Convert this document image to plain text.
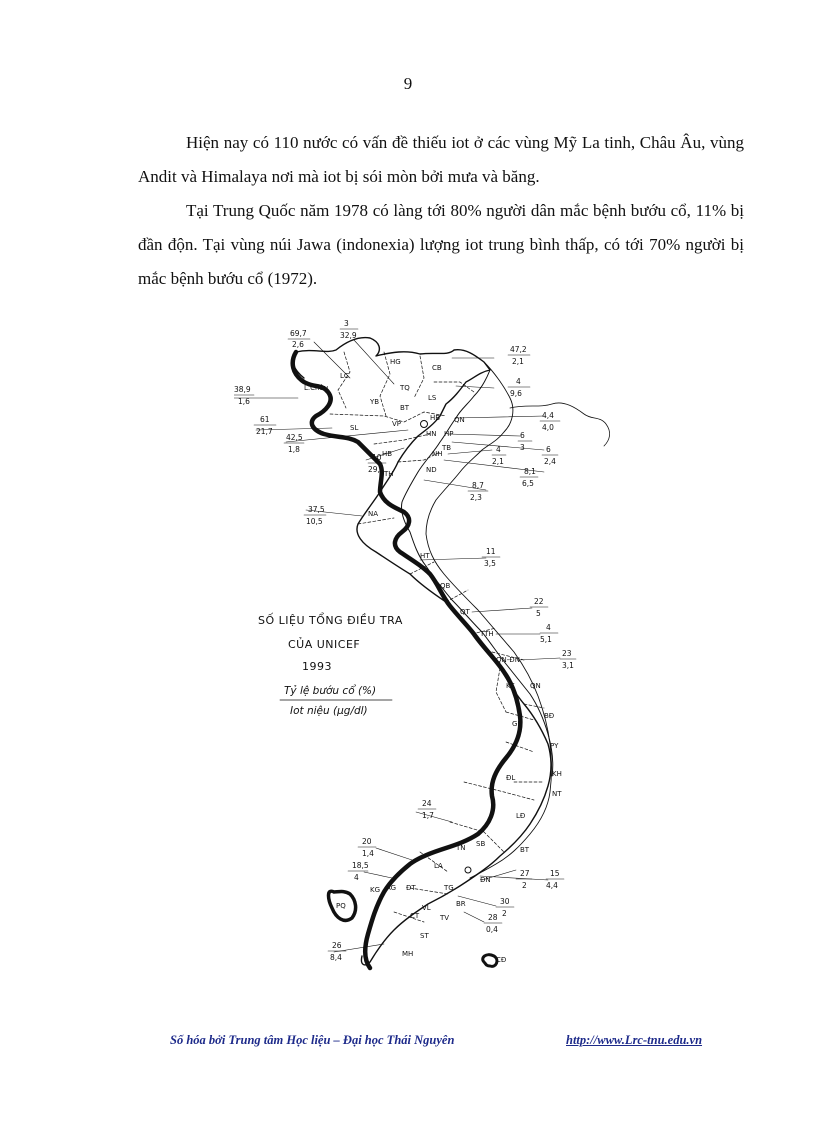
9

Hiện nay có 110 nước có vấn đề thiếu iot ở các vùng Mỹ La tinh, Châu Âu, vùng Andit và Himalaya nơi mà iot bị sói mòn bởi mưa và băng.

Tại Trung Quốc năm 1978 có làng tới 80% người dân mắc bệnh bướu cổ, 11% bị đần độn. Tại vùng núi Jawa (indonexia) lượng iot trung bình thấp, có tới 70% người bị mắc bệnh bướu cổ (1972).

69,7
2,6
3
32,9
47,2
2,1
4
9,6
38,9
1,6
4,4
4,0
61
21,7
42,5
1,8
6
3	6
2,4
10
29,1
4
2,1
8,1
6,5
8,7
2,3
37,5
10,5
11
3,5
22
5
4
5,1
23
3,1
24
1,7
20
1,4
18,5
4	15
4,4
27
2
30
2
28
0,4
26
8,4
LC
HG
CB
L.Châu
YB
TQ
BT
LS
SL	VP
HB QN
HN HP
TB
NH
ND
HB
TH
NA
HT
QB
QT
TTH
QN-ĐN
KT QN
GL
BĐ
PY
ĐL	KH
NT
LĐ
BT
TN SB
LA
ĐN
KG AG ĐT	TG
BR
VL
TV
CT
ST
MH
PQ
CĐ
SỐ LIỆU TỔNG ĐIỀU TRA
CỦA UNICEF
1993
Tỷ lệ bướu cổ (%)
Iot niệu (µg/dl)
Số hóa bởi Trung tâm Học liệu – Đại học Thái Nguyên	http://www.Lrc-tnu.edu.vn
